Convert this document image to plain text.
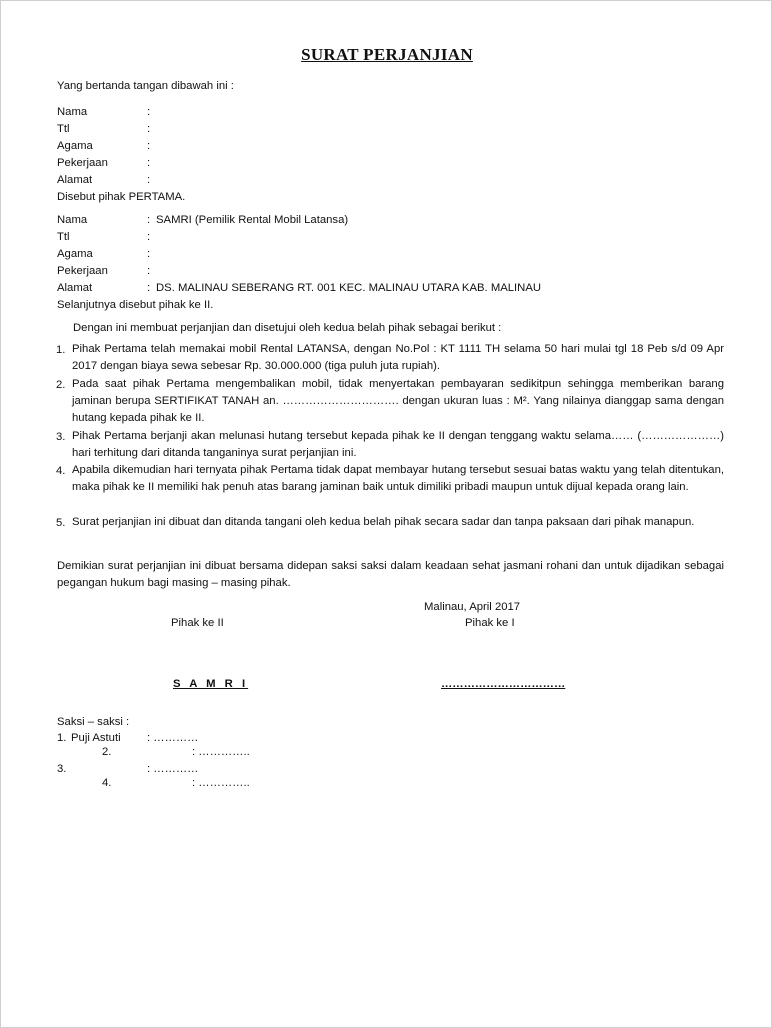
SURAT PERJANJIAN
Yang bertanda tangan dibawah ini :
Nama	:
Ttl	:
Agama	:
Pekerjaan	:
Alamat	:
Disebut pihak PERTAMA.
Nama	: SAMRI (Pemilik Rental Mobil Latansa)
Ttl	:
Agama	:
Pekerjaan	:
Alamat	: DS. MALINAU SEBERANG RT. 001 KEC. MALINAU UTARA KAB. MALINAU
Selanjutnya disebut pihak ke II.
Dengan ini membuat perjanjian dan disetujui oleh kedua belah pihak sebagai berikut :
1. Pihak Pertama telah memakai mobil Rental LATANSA, dengan No.Pol : KT 1111 TH selama 50 hari mulai tgl 18 Peb s/d 09 Apr 2017 dengan biaya sewa sebesar Rp. 30.000.000 (tiga puluh juta rupiah).
2. Pada saat pihak Pertama mengembalikan mobil, tidak menyertakan pembayaran sedikitpun sehingga memberikan barang jaminan berupa SERTIFIKAT TANAH an. …………………………. dengan ukuran luas : M². Yang nilainya dianggap sama dengan hutang kepada pihak ke II.
3. Pihak Pertama berjanji akan melunasi hutang tersebut kepada pihak ke II dengan tenggang waktu selama…… (…………………) hari terhitung dari ditanda tanganinya surat perjanjian ini.
4. Apabila dikemudian hari ternyata pihak Pertama tidak dapat membayar hutang tersebut sesuai batas waktu yang telah ditentukan, maka pihak ke II memiliki hak penuh atas barang jaminan baik untuk dimiliki pribadi maupun untuk dijual kepada orang lain.
5. Surat perjanjian ini dibuat dan ditanda tangani oleh kedua belah pihak secara sadar dan tanpa paksaan dari pihak manapun.
Demikian surat perjanjian ini dibuat bersama didepan saksi saksi dalam keadaan sehat jasmani rohani dan untuk dijadikan sebagai pegangan hukum bagi masing – masing pihak.
Malinau, April 2017
Pihak ke II	Pihak ke I
S A M R I	……………………………
Saksi – saksi :
1. Puji Astuti : …………
2.	: …………..
3.	: …………
4.	: …………..
